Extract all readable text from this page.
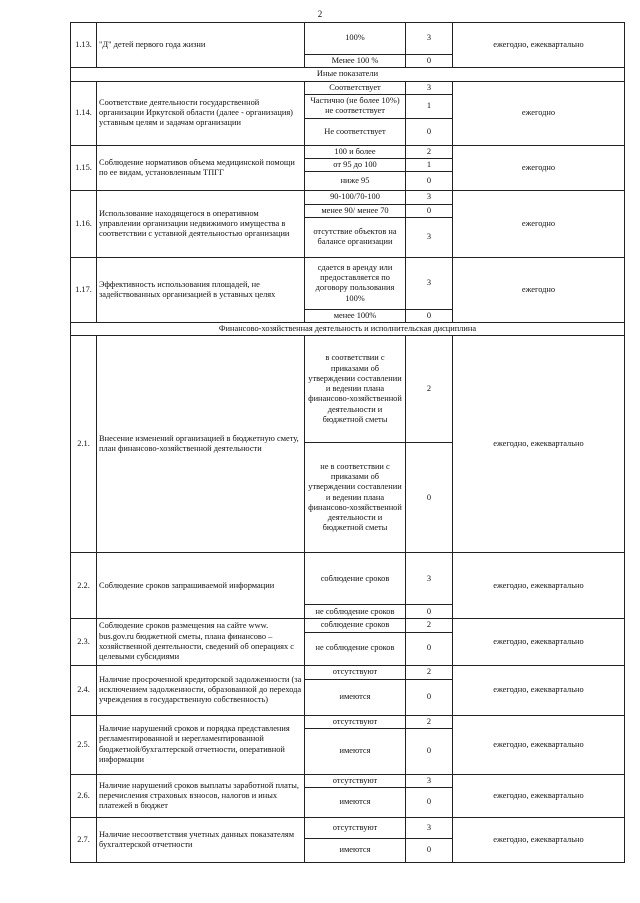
2
1.13.	"Д" детей первого года жизни	100%	3	ежегодно, ежеквартально
		Менее 100 %	0	
Иные показатели				
1.14.	Соответствие деятельности государственной организации Иркутской области (далее - организация) уставным целям и задачам организации	Соответствует	3	ежегодно
		Частично (не более 10%) не соответствует	1	
		Не соответствует	0	
1.15.	Соблюдение нормативов объема медицинской помощи по ее видам, установленным ТПГГ	100 и более	2	ежегодно
		от 95 до 100	1	
		ниже 95	0	
1.16.	Использование находящегося в оперативном управлении организации недвижимого имущества в соответствии с уставной деятельностью организации	90-100/70-100	3	ежегодно
		менее 90/ менее 70	0	
		отсутствие объектов на балансе организации	3	
1.17.	Эффективность использования площадей, не задействованных организацией в уставных целях	сдается в аренду или предоставляется по договору пользования 100%	3	ежегодно
		менее 100%	0	
Финансово-хозяйственная деятельность и исполнительская дисциплина				
2.1.	Внесение изменений организацией в бюджетную смету, план финансово-хозяйственной деятельности	в соответствии с приказами об утверждении составлении и ведении плана финансово-хозяйственной деятельности и бюджетной сметы	2	ежегодно, ежеквартально
		не в соответствии с приказами об утверждении составлении и ведении плана финансово-хозяйственной деятельности и бюджетной сметы	0	
2.2.	Соблюдение сроков запрашиваемой информации	соблюдение сроков	3	ежегодно, ежеквартально
		не соблюдение сроков	0	
2.3.	Соблюдение сроков размещения на сайте www. bus.gov.ru бюджетной сметы, плана финансово – хозяйственной деятельности, сведений об операциях с целевыми субсидиями	соблюдение сроков	2	ежегодно, ежеквартально
		не соблюдение сроков	0	
2.4.	Наличие просроченной кредиторской задолженности (за исключением задолженности, образованной до перехода учреждения в государственную собственность)	отсутствуют	2	ежегодно, ежеквартально
		имеются	0	
2.5.	Наличие нарушений сроков и порядка представления регламентированной и нерегламентированной бюджетной/бухгалтерской отчетности, оперативной информации	отсутствуют	2	ежегодно, ежеквартально
		имеются	0	
2.6.	Наличие нарушений сроков выплаты заработной платы, перечисления страховых взносов, налогов и иных платежей в бюджет	отсутствуют	3	ежегодно, ежеквартально
		имеются	0	
2.7.	Наличие несоответствия учетных данных показателям бухгалтерской отчетности	отсутствуют	3	ежегодно, ежеквартально
		имеются	0	
